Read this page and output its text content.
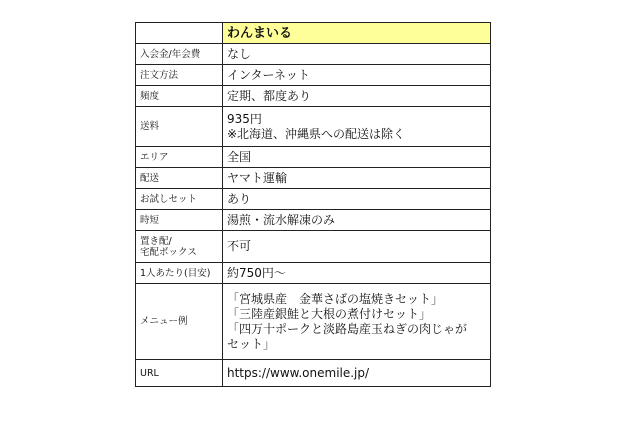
	わんまいる

入会金/年会費	なし

注文方法	インターネット

頻度	定期、都度あり

送料	935円
※北海道、沖縄県への配送は除く

エリア	全国

配送	ヤマト運輸

お試しセット	あり

時短	湯煎・流水解凍のみ

置き配/
宅配ボックス	不可

1人あたり(目安)	約750円～

メニュー例	「宮城県産　金華さばの塩焼きセット」
「三陸産銀鮭と大根の煮付けセット」
「四万十ポークと淡路島産玉ねぎの肉じゃが
セット」

URL	https://www.onemile.jp/
